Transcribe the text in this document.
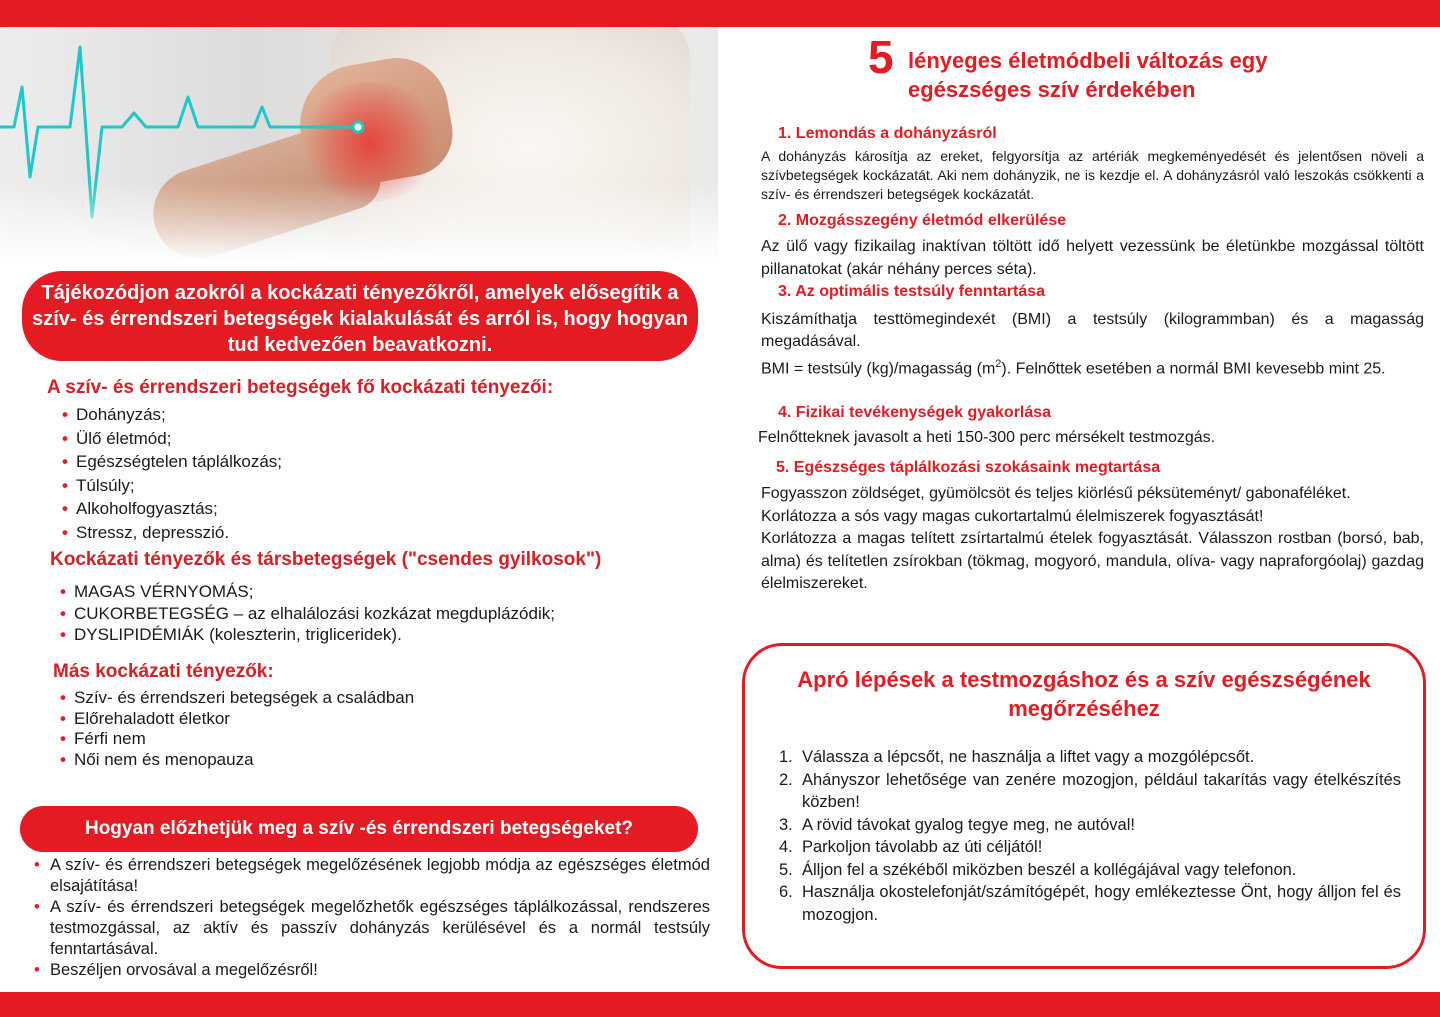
Tájékozódjon azokról a kockázati tényezőkről, amelyek elősegítik a szív- és érrendszeri betegségek kialakulását és arról is, hogy hogyan tud kedvezően beavatkozni.
A szív- és érrendszeri betegségek fő kockázati tényezői:
• Dohányzás;
• Ülő életmód;
• Egészségtelen táplálkozás;
• Túlsúly;
• Alkoholfogyasztás;
• Stressz, depresszió.
Kockázati tényezők és társbetegségek ("csendes gyilkosok")
• MAGAS VÉRNYOMÁS;
• CUKORBETEGSÉG – az elhalálozási kozkázat megduplázódik;
• DYSLIPIDÉMIÁK (koleszterin, trigliceridek).
Más kockázati tényezők:
• Szív- és érrendszeri betegségek a családban
• Előrehaladott életkor
• Férfi nem
• Női nem és menopauza
Hogyan előzhetjük meg a szív -és érrendszeri betegségeket?
• A szív- és érrendszeri betegségek megelőzésének legjobb módja az egészséges életmód elsajátítása!
• A szív- és érrendszeri betegségek megelőzhetők egészséges táplálkozással, rendszeres testmozgással, az aktív és passzív dohányzás kerülésével és a normál testsúly fenntartásával.
• Beszéljen orvosával a megelőzésről!
5 lényeges életmódbeli változás egy egészséges szív érdekében
1. Lemondás a dohányzásról
A dohányzás károsítja az ereket, felgyorsítja az artériák megkeményedését és jelentősen növeli a szívbetegségek kockázatát. Aki nem dohányzik, ne is kezdje el. A dohányzásról való leszokás csökkenti a szív- és érrendszeri betegségek kockázatát.
2. Mozgásszegény életmód elkerülése
Az ülő vagy fizikailag inaktívan töltött idő helyett vezessünk be életünkbe mozgással töltött pillanatokat (akár néhány perces séta).
3. Az optimális testsúly fenntartása

Kiszámíthatja testtömegindexét (BMI) a testsúly (kilogrammban) és a magasság megadásával.

BMI = testsúly (kg)/magasság $(m^2)$. Felnőttek esetében a normál BMI kevesebb mint 25.

4. Fizikai tevékenységek gyakorlása
Felnőtteknek javasolt a heti 150-300 perc mérsékelt testmozgás.
5. Egészséges táplálkozási szokásaink megtartása

Fogyasszon zöldséget, gyümölcsöt és teljes kiörlésű péksüteményt/ gabonaféléket.

Korlátozza a sós vagy magas cukortartalmú élelmiszerek fogyasztását!

Korlátozza a magas telített zsírtartalmú ételek fogyasztását. Válasszon rostban (borsó, bab, alma) és telítetlen zsírokban (tökmag, mogyoró, mandula, olíva- vagy napraforgóolaj) gazdag élelmiszereket.

Apró lépések a testmozgáshoz és a szív egészségének megőrzéséhez
1. Válassza a lépcsőt, ne használja a liftet vagy a mozgólépcsőt.
2. Ahányszor lehetősége van zenére mozogjon, például takarítás vagy ételkészítés közben!
3. A rövid távokat gyalog tegye meg, ne autóval!
4. Parkoljon távolabb az úti céljától!
5. Álljon fel a székéből miközben beszél a kollégájával vagy telefonon.
6. Használja okostelefonját/számítógépét, hogy emlékeztesse Önt, hogy álljon fel és mozogjon.
